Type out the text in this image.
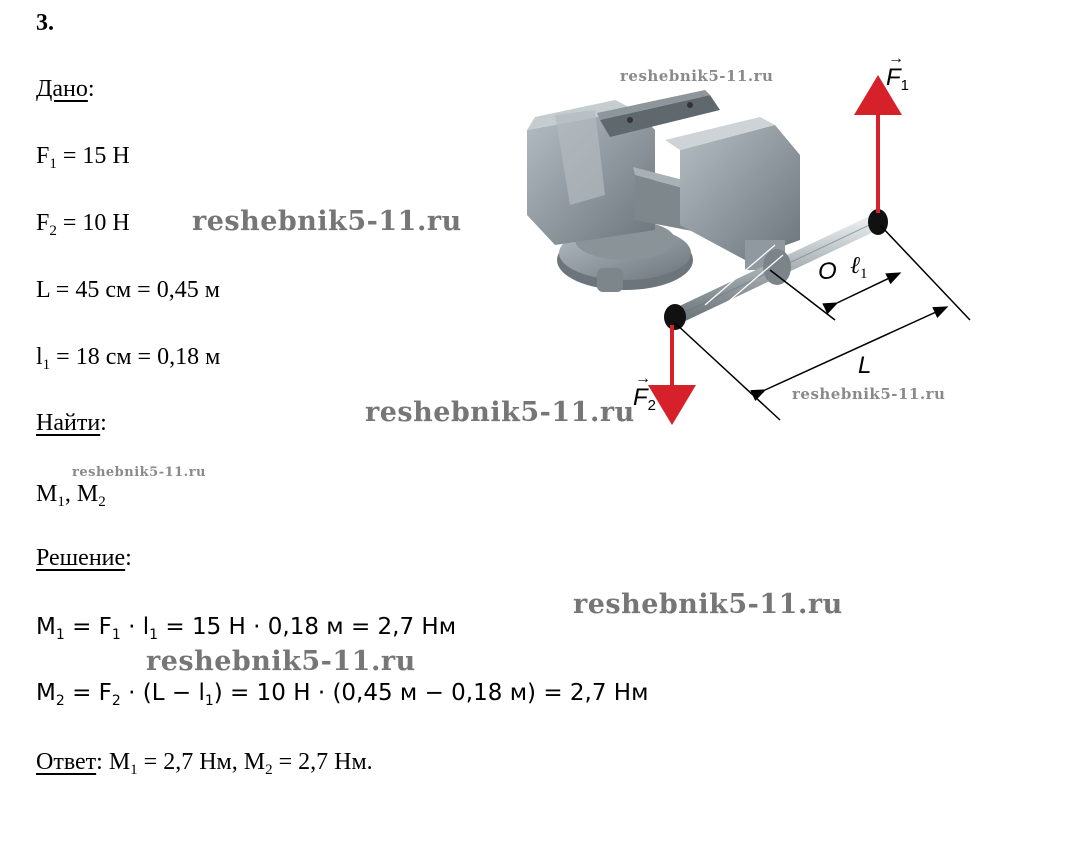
3.
Дано:
$F_1 = 15$ Н
$F_2 = 10$ Н
L = 45 см = 0,45 м
$l_1 = 18$ см = 0,18 м
Найти:
$М_1$, $М_2$
Решение:
$M_1 = F_1 \cdot l_1 = 15$ Н · 0,18 м = 2,7 Нм
$M_2 = F_2 \cdot (L - l_1) = 10$ Н · (0,45 м − 0,18 м) = 2,7 Нм
Ответ: $М_1 = 2,7$ Нм, $М_2 = 2,7$ Нм.
→
$F_1$
→
$F_2$
O ℓ$_1$
L
reshebnik5-11.ru
reshebnik5-11.ru
reshebnik5-11.ru
reshebnik5-11.ru
reshebnik5-11.ru
reshebnik5-11.ru
reshebnik5-11.ru
